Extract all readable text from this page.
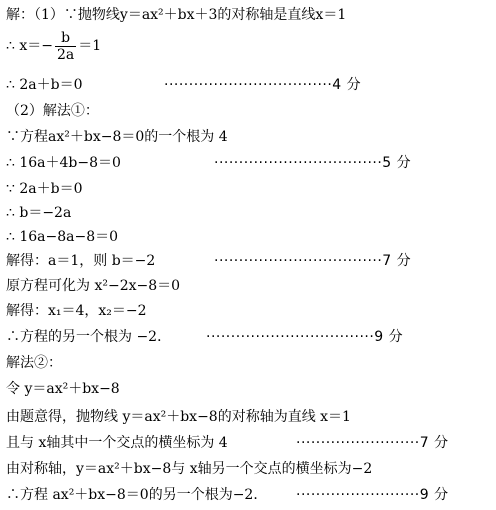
解：（1）∵抛物线y＝ax²＋bx＋3的对称轴是直线x＝1
∴ $x=- \frac{b}{2a} =1$
∴ 2a＋b＝0	··································4 分
（2）解法①：
∵方程ax²＋bx−8＝0的一个根为 4
∴ 16a＋4b−8＝0	··································5 分
∵ 2a＋b＝0
∴ b＝−2a
∴ 16a−8a−8＝0
解得：a＝1，则 b＝−2	··································7 分
原方程可化为 x²−2x−8＝0
解得：x₁＝4，x₂＝−2
∴方程的另一个根为 −2． ··································9 分
解法②：
令 y＝ax²＋bx−8
由题意得，抛物线 y＝ax²＋bx−8的对称轴为直线 x＝1
且与 x轴其中一个交点的横坐标为 4	·························7 分
由对称轴，y＝ax²＋bx−8与 x轴另一个交点的横坐标为−2
∴方程 ax²＋bx−8＝0的另一个根为−2． ·························9 分
